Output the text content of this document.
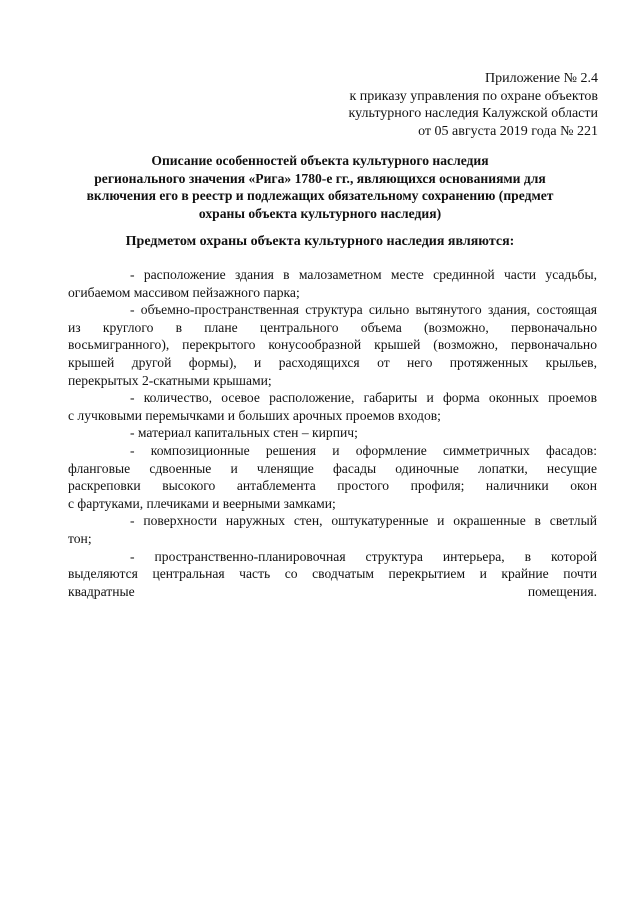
Приложение № 2.4
к приказу управления по охране объектов
культурного наследия Калужской области
от 05 августа 2019 года № 221
Описание особенностей объекта культурного наследия
регионального значения «Рига» 1780-е гг., являющихся основаниями для
включения его в реестр и подлежащих обязательному сохранению (предмет
охраны объекта культурного наследия)
Предметом охраны объекта культурного наследия являются:
- расположение здания в малозаметном месте срединной части усадьбы,
огибаемом массивом пейзажного парка;
- объемно-пространственная структура сильно вытянутого здания, состоящая
из круглого в плане центрального объема (возможно, первоначально
восьмигранного), перекрытого конусообразной крышей (возможно, первоначально
крышей другой формы), и расходящихся от него протяженных крыльев,
перекрытых 2-скатными крышами;
- количество, осевое расположение, габариты и форма оконных проемов
с лучковыми перемычками и больших арочных проемов входов;
- материал капитальных стен – кирпич;
- композиционные решения и оформление симметричных фасадов:
фланговые сдвоенные и членящие фасады одиночные лопатки, несущие
раскреповки высокого антаблемента простого профиля; наличники окон
с фартуками, плечиками и веерными замками;
- поверхности наружных стен, оштукатуренные и окрашенные в светлый
тон;
- пространственно-планировочная структура интерьера, в которой
выделяются центральная часть со сводчатым перекрытием и крайние почти
квадратные помещения.
